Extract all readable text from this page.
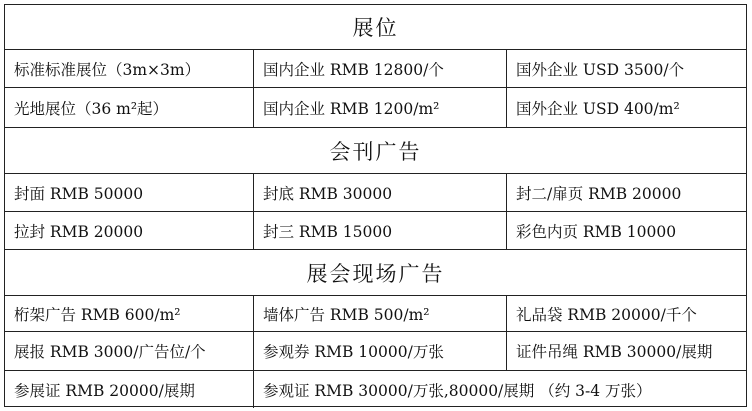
展位
标准标准展位（3m×3m）	国内企业 RMB 12800/个	国外企业 USD 3500/个
光地展位（36 m²起）	国内企业 RMB 1200/m²	国外企业 USD 400/m²
会刊广告
封面 RMB 50000	封底 RMB 30000	封二/扉页 RMB 20000
拉封 RMB 20000	封三 RMB 15000	彩色内页 RMB 10000
展会现场广告
桁架广告 RMB 600/m²	墙体广告 RMB 500/m²	礼品袋 RMB 20000/千个
展报 RMB 3000/广告位/个	参观券 RMB 10000/万张	证件吊绳 RMB 30000/展期
参展证 RMB 20000/展期	参观证 RMB 30000/万张,80000/展期 （约 3-4 万张）
